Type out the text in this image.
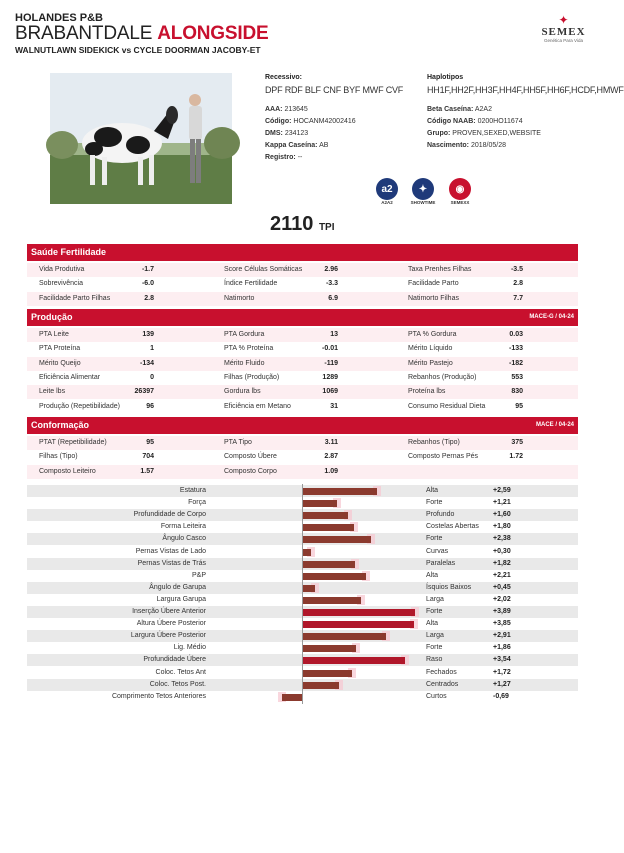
HOLANDES P&B
BRABANTDALE ALONGSIDE
WALNUTLAWN SIDEKICK vs CYCLE DOORMAN JACOBY-ET
✦
SEMEX
Genética Para Vida
Recessivo:
DPF RDF BLF CNF BYF MWF CVF
Haplotipos
HH1F,HH2F,HH3F,HH4F,HH5F,HH6F,HCDF,HMWF
AAA: 213645	Beta Caseína: A2A2
Código: HOCANM42002416	Código NAAB: 0200HO11674
DMS: 234123	Grupo: PROVEN,SEXED,WEBSITE
Kappa Caseína: AB	Nascimento: 2018/05/28
Registro: --
a2
A2A2
✦
SHOWTIME
◉
SEMEXX
2110 TPI
Saúde Fertilidade
Vida Produtiva	-1.7	Score Células Somáticas	2.96	Taxa Prenhes Filhas	-3.5
Sobrevivência	-6.0	Índice Fertilidade	-3.3	Facilidade Parto	2.8
Facilidade Parto Filhas	2.8	Natimorto	6.9	Natimorto Filhas	7.7
Produção	MACE-G / 04-24
PTA Leite	139	PTA Gordura	13	PTA % Gordura	0.03
PTA Proteína	1	PTA % Proteína	-0.01	Mérito Líquido	-133
Mérito Queijo	-134	Mérito Fluido	-119	Mérito Pastejo	-182
Eficiência Alimentar	0	Filhas (Produção)	1289	Rebanhos (Produção)	553
Leite lbs	26397	Gordura lbs	1069	Proteína lbs	830
Produção (Repetibilidade)	96	Eficiência em Metano	31	Consumo Residual Dieta	95
Conformação	MACE / 04-24
PTAT (Repetibilidade)	95	PTA Tipo	3.11	Rebanhos (Tipo)	375
Filhas (Tipo)	704	Composto Úbere	2.87	Composto Pernas Pés	1.72
Composto Leiteiro	1.57	Composto Corpo	1.09
Estatura	Alta	+2,59
Força	Forte	+1,21
Profundidade de Corpo	Profundo	+1,60
Forma Leiteira	Costelas Abertas +1,80
Ângulo Casco	Forte	+2,38
Pernas Vistas de Lado	Curvas	+0,30
Pernas Vistas de Trás	Paralelas	+1,82
P&P	Alta	+2,21
Ângulo de Garupa	Ísquios Baixos	+0,45
Largura Garupa	Larga	+2,02
Inserção Úbere Anterior	Forte	+3,89
Altura Úbere Posterior	Alta	+3,85
Largura Úbere Posterior	Larga	+2,91
Lig. Médio	Forte	+1,86
Profundidade Úbere	Raso	+3,54
Coloc. Tetos Ant	Fechados	+1,72
Coloc. Tetos Post.	Centrados	+1,27
Comprimento Tetos Anteriores	Curtos	-0,69
